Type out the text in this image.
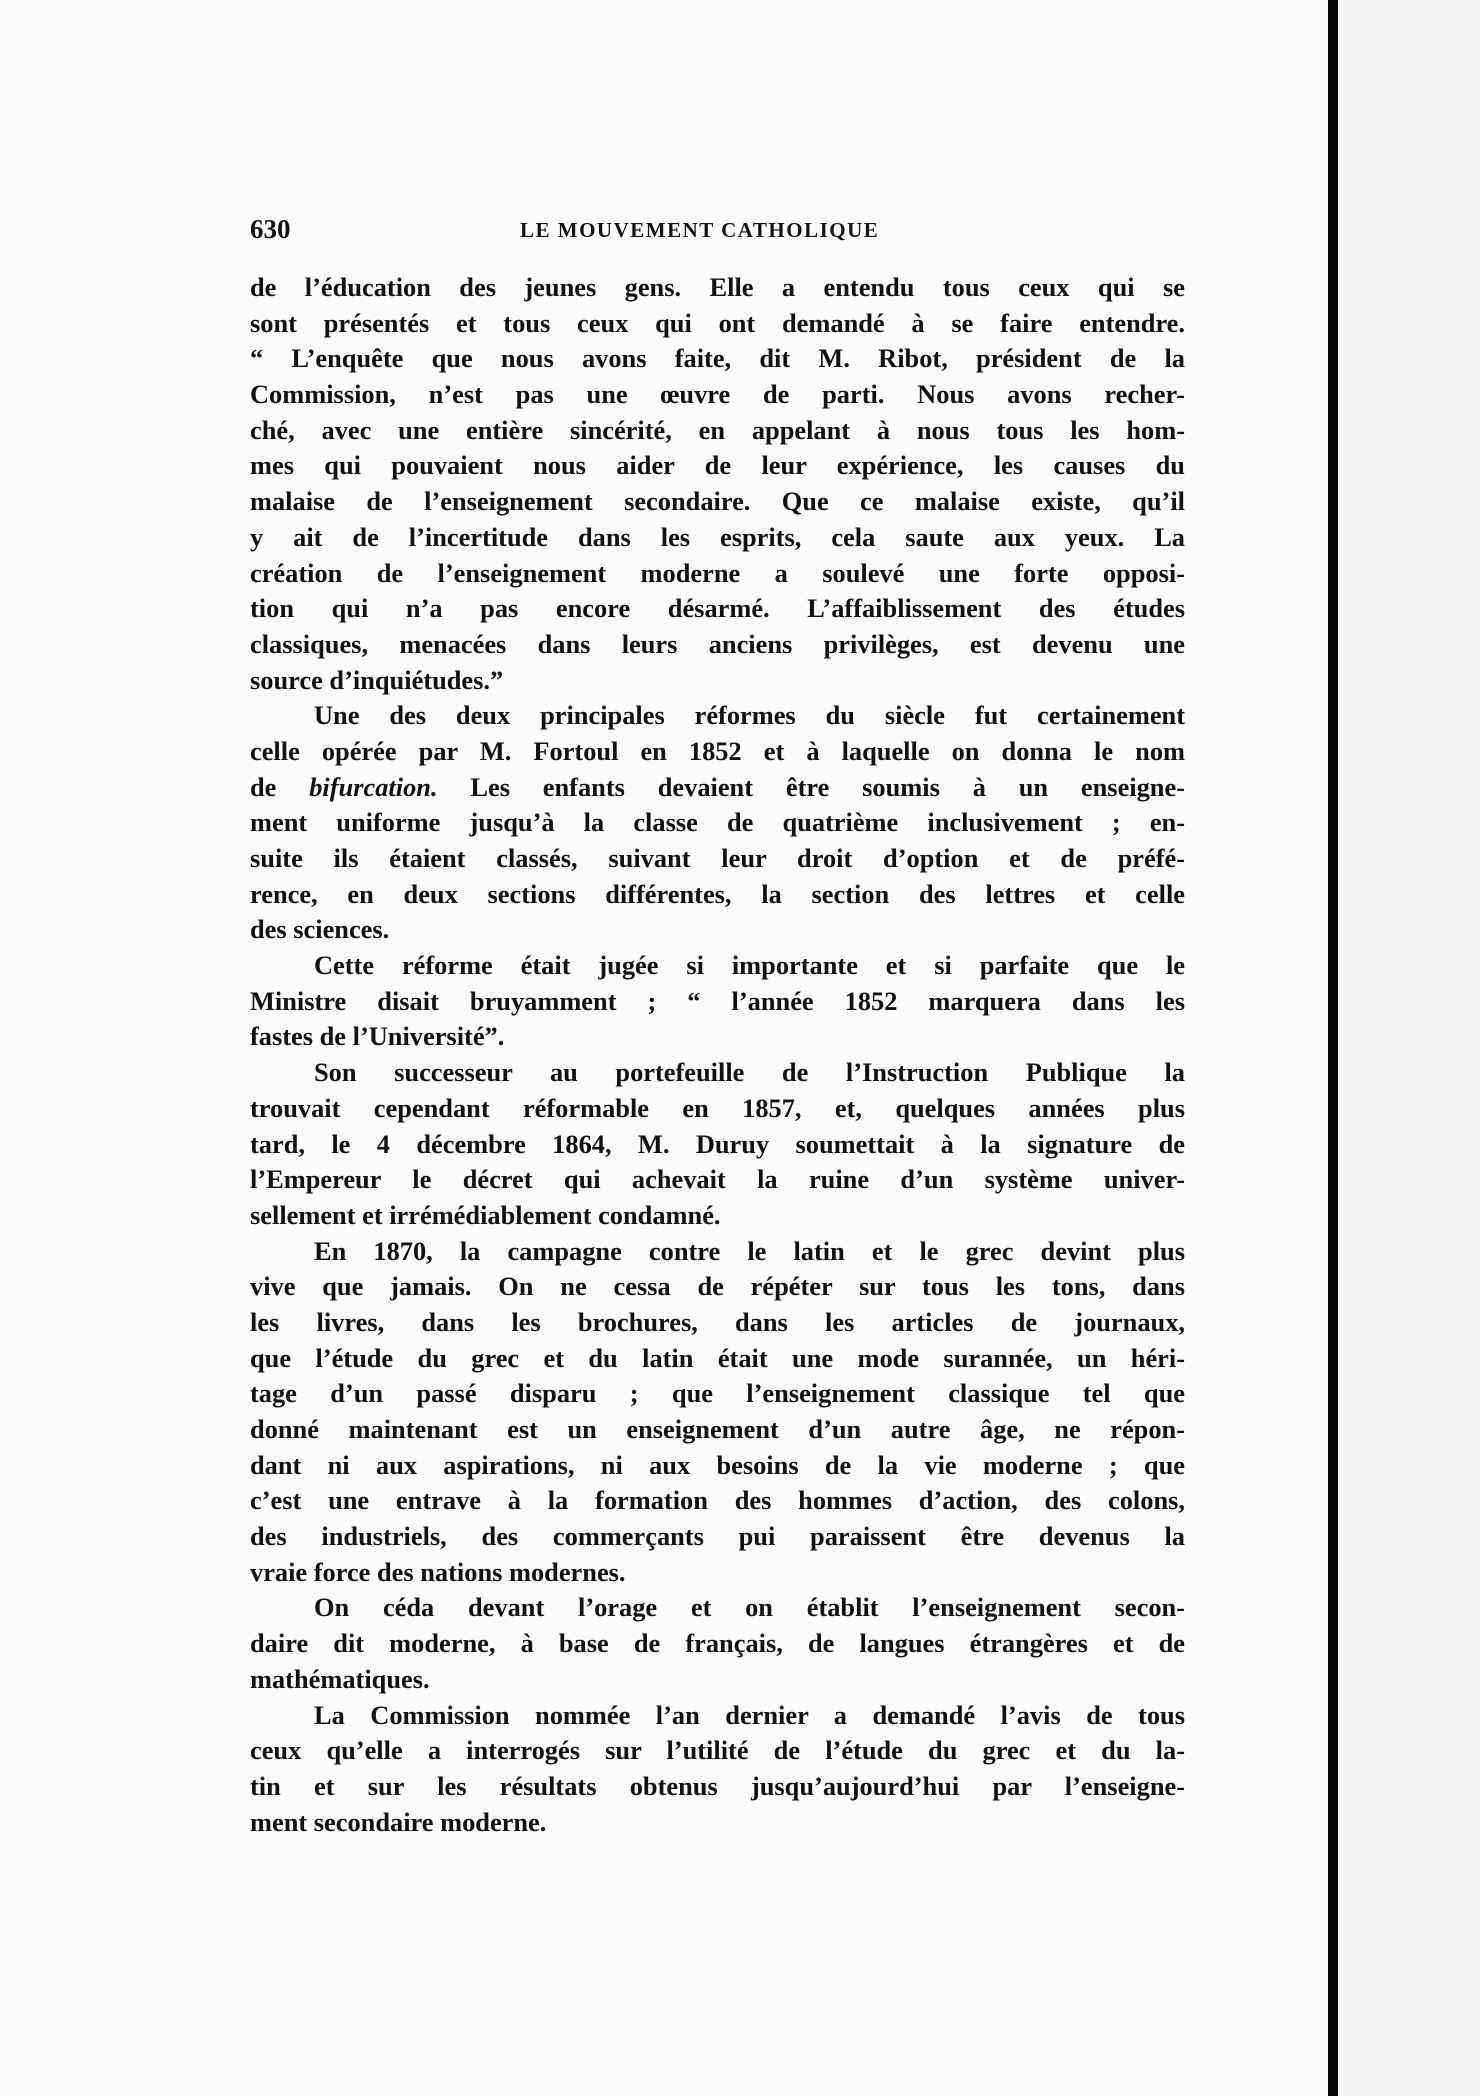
630	LE MOUVEMENT CATHOLIQUE
de l’éducation des jeunes gens. Elle a entendu tous ceux qui se
sont présentés et tous ceux qui ont demandé à se faire entendre.
“ L’enquête que nous avons faite, dit M. Ribot, président de la
Commission, n’est pas une œuvre de parti. Nous avons recher-
ché, avec une entière sincérité, en appelant à nous tous les hom-
mes qui pouvaient nous aider de leur expérience, les causes du
malaise de l’enseignement secondaire. Que ce malaise existe, qu’il
y ait de l’incertitude dans les esprits, cela saute aux yeux. La
création de l’enseignement moderne a soulevé une forte opposi-
tion qui n’a pas encore désarmé. L’affaiblissement des études
classiques, menacées dans leurs anciens privilèges, est devenu une
source d’inquiétudes.”
Une des deux principales réformes du siècle fut certainement
celle opérée par M. Fortoul en 1852 et à laquelle on donna le nom
de bifurcation. Les enfants devaient être soumis à un enseigne-
ment uniforme jusqu’à la classe de quatrième inclusivement ; en-
suite ils étaient classés, suivant leur droit d’option et de préfé-
rence, en deux sections différentes, la section des lettres et celle
des sciences.
Cette réforme était jugée si importante et si parfaite que le
Ministre disait bruyamment ; “ l’année 1852 marquera dans les
fastes de l’Université”.
Son successeur au portefeuille de l’Instruction Publique la
trouvait cependant réformable en 1857, et, quelques années plus
tard, le 4 décembre 1864, M. Duruy soumettait à la signature de
l’Empereur le décret qui achevait la ruine d’un système univer-
sellement et irrémédiablement condamné.
En 1870, la campagne contre le latin et le grec devint plus
vive que jamais. On ne cessa de répéter sur tous les tons, dans
les livres, dans les brochures, dans les articles de journaux,
que l’étude du grec et du latin était une mode surannée, un héri-
tage d’un passé disparu ; que l’enseignement classique tel que
donné maintenant est un enseignement d’un autre âge, ne répon-
dant ni aux aspirations, ni aux besoins de la vie moderne ; que
c’est une entrave à la formation des hommes d’action, des colons,
des industriels, des commerçants pui paraissent être devenus la
vraie force des nations modernes.
On céda devant l’orage et on établit l’enseignement secon-
daire dit moderne, à base de français, de langues étrangères et de
mathématiques.
La Commission nommée l’an dernier a demandé l’avis de tous
ceux qu’elle a interrogés sur l’utilité de l’étude du grec et du la-
tin et sur les résultats obtenus jusqu’aujourd’hui par l’enseigne-
ment secondaire moderne.
